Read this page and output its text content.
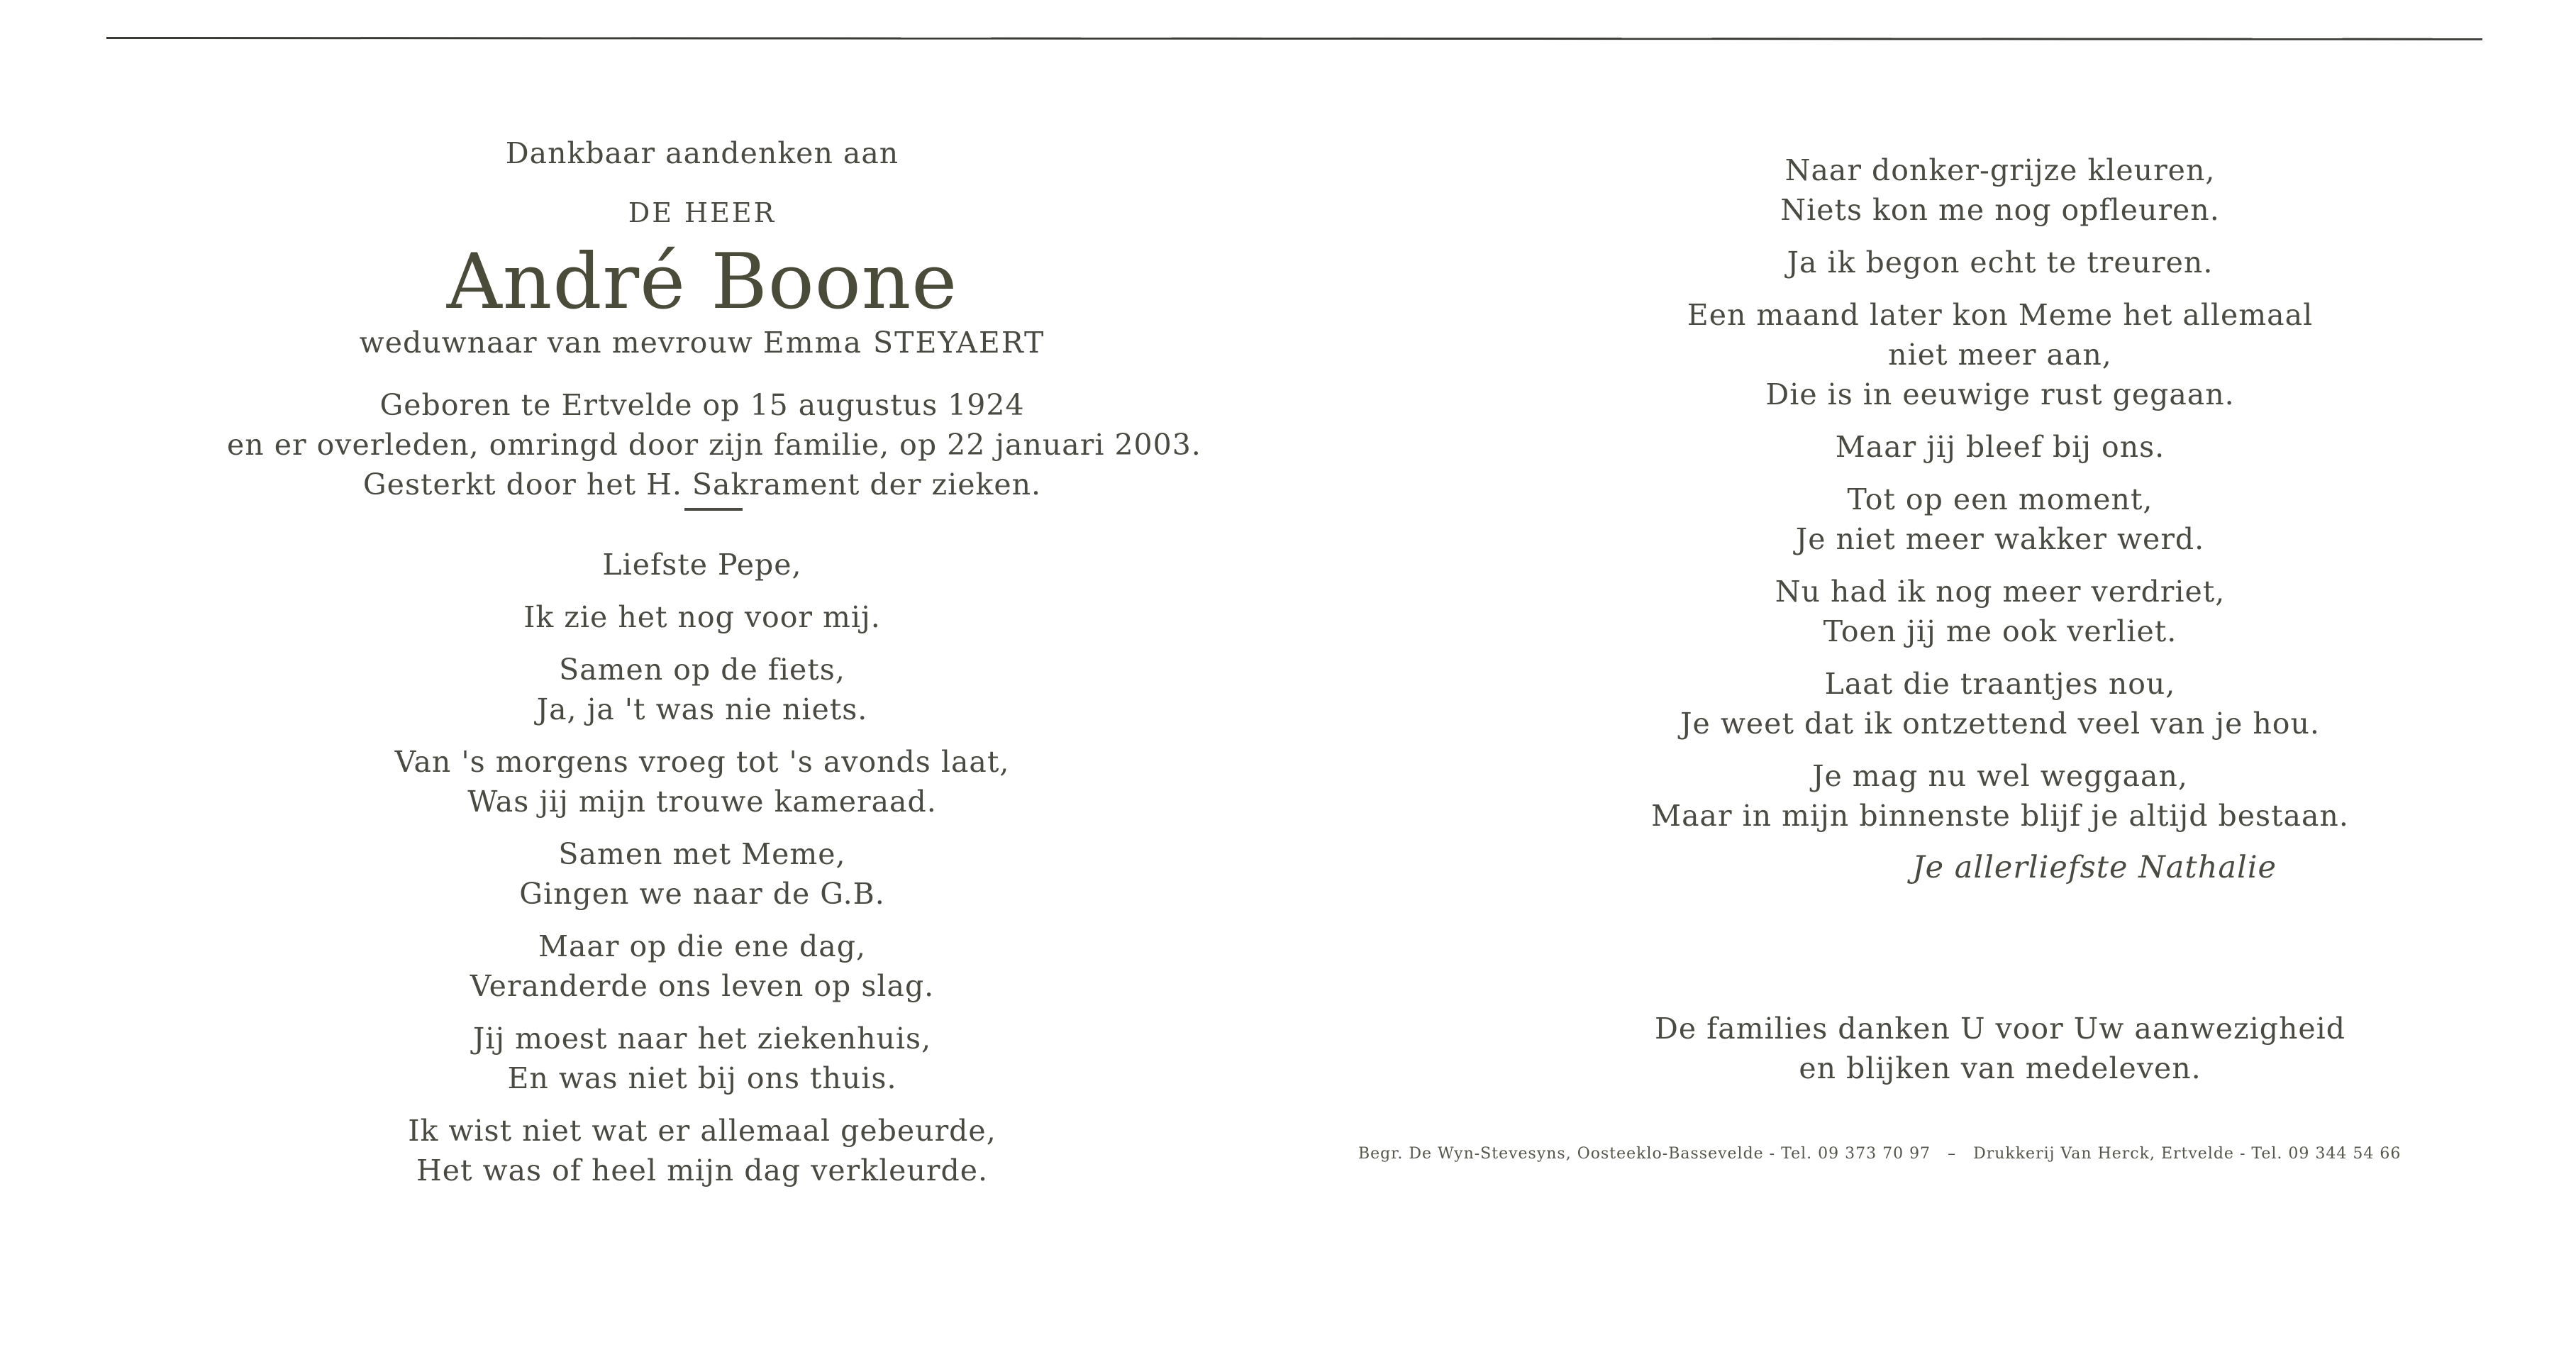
Dankbaar aandenken aan
DE HEER
André Boone
weduwnaar van mevrouw Emma STEYAERT
Geboren te Ertvelde op 15 augustus 1924
en er overleden, omringd door zijn familie, op 22 januari 2003.
Gesterkt door het H. Sakrament der zieken.
Liefste Pepe,
Ik zie het nog voor mij.
Samen op de fiets,
Ja, ja 't was nie niets.
Van 's morgens vroeg tot 's avonds laat,
Was jij mijn trouwe kameraad.
Samen met Meme,
Gingen we naar de G.B.
Maar op die ene dag,
Veranderde ons leven op slag.
Jij moest naar het ziekenhuis,
En was niet bij ons thuis.
Ik wist niet wat er allemaal gebeurde,
Het was of heel mijn dag verkleurde.
Naar donker-grijze kleuren,
Niets kon me nog opfleuren.
Ja ik begon echt te treuren.
Een maand later kon Meme het allemaal
niet meer aan,
Die is in eeuwige rust gegaan.
Maar jij bleef bij ons.
Tot op een moment,
Je niet meer wakker werd.
Nu had ik nog meer verdriet,
Toen jij me ook verliet.
Laat die traantjes nou,
Je weet dat ik ontzettend veel van je hou.
Je mag nu wel weggaan,
Maar in mijn binnenste blijf je altijd bestaan.
Je allerliefste Nathalie
De families danken U voor Uw aanwezigheid
en blijken van medeleven.
Begr. De Wyn-Stevesyns, Oosteeklo-Bassevelde - Tel. 09 373 70 97 – Drukkerij Van Herck, Ertvelde - Tel. 09 344 54 66
